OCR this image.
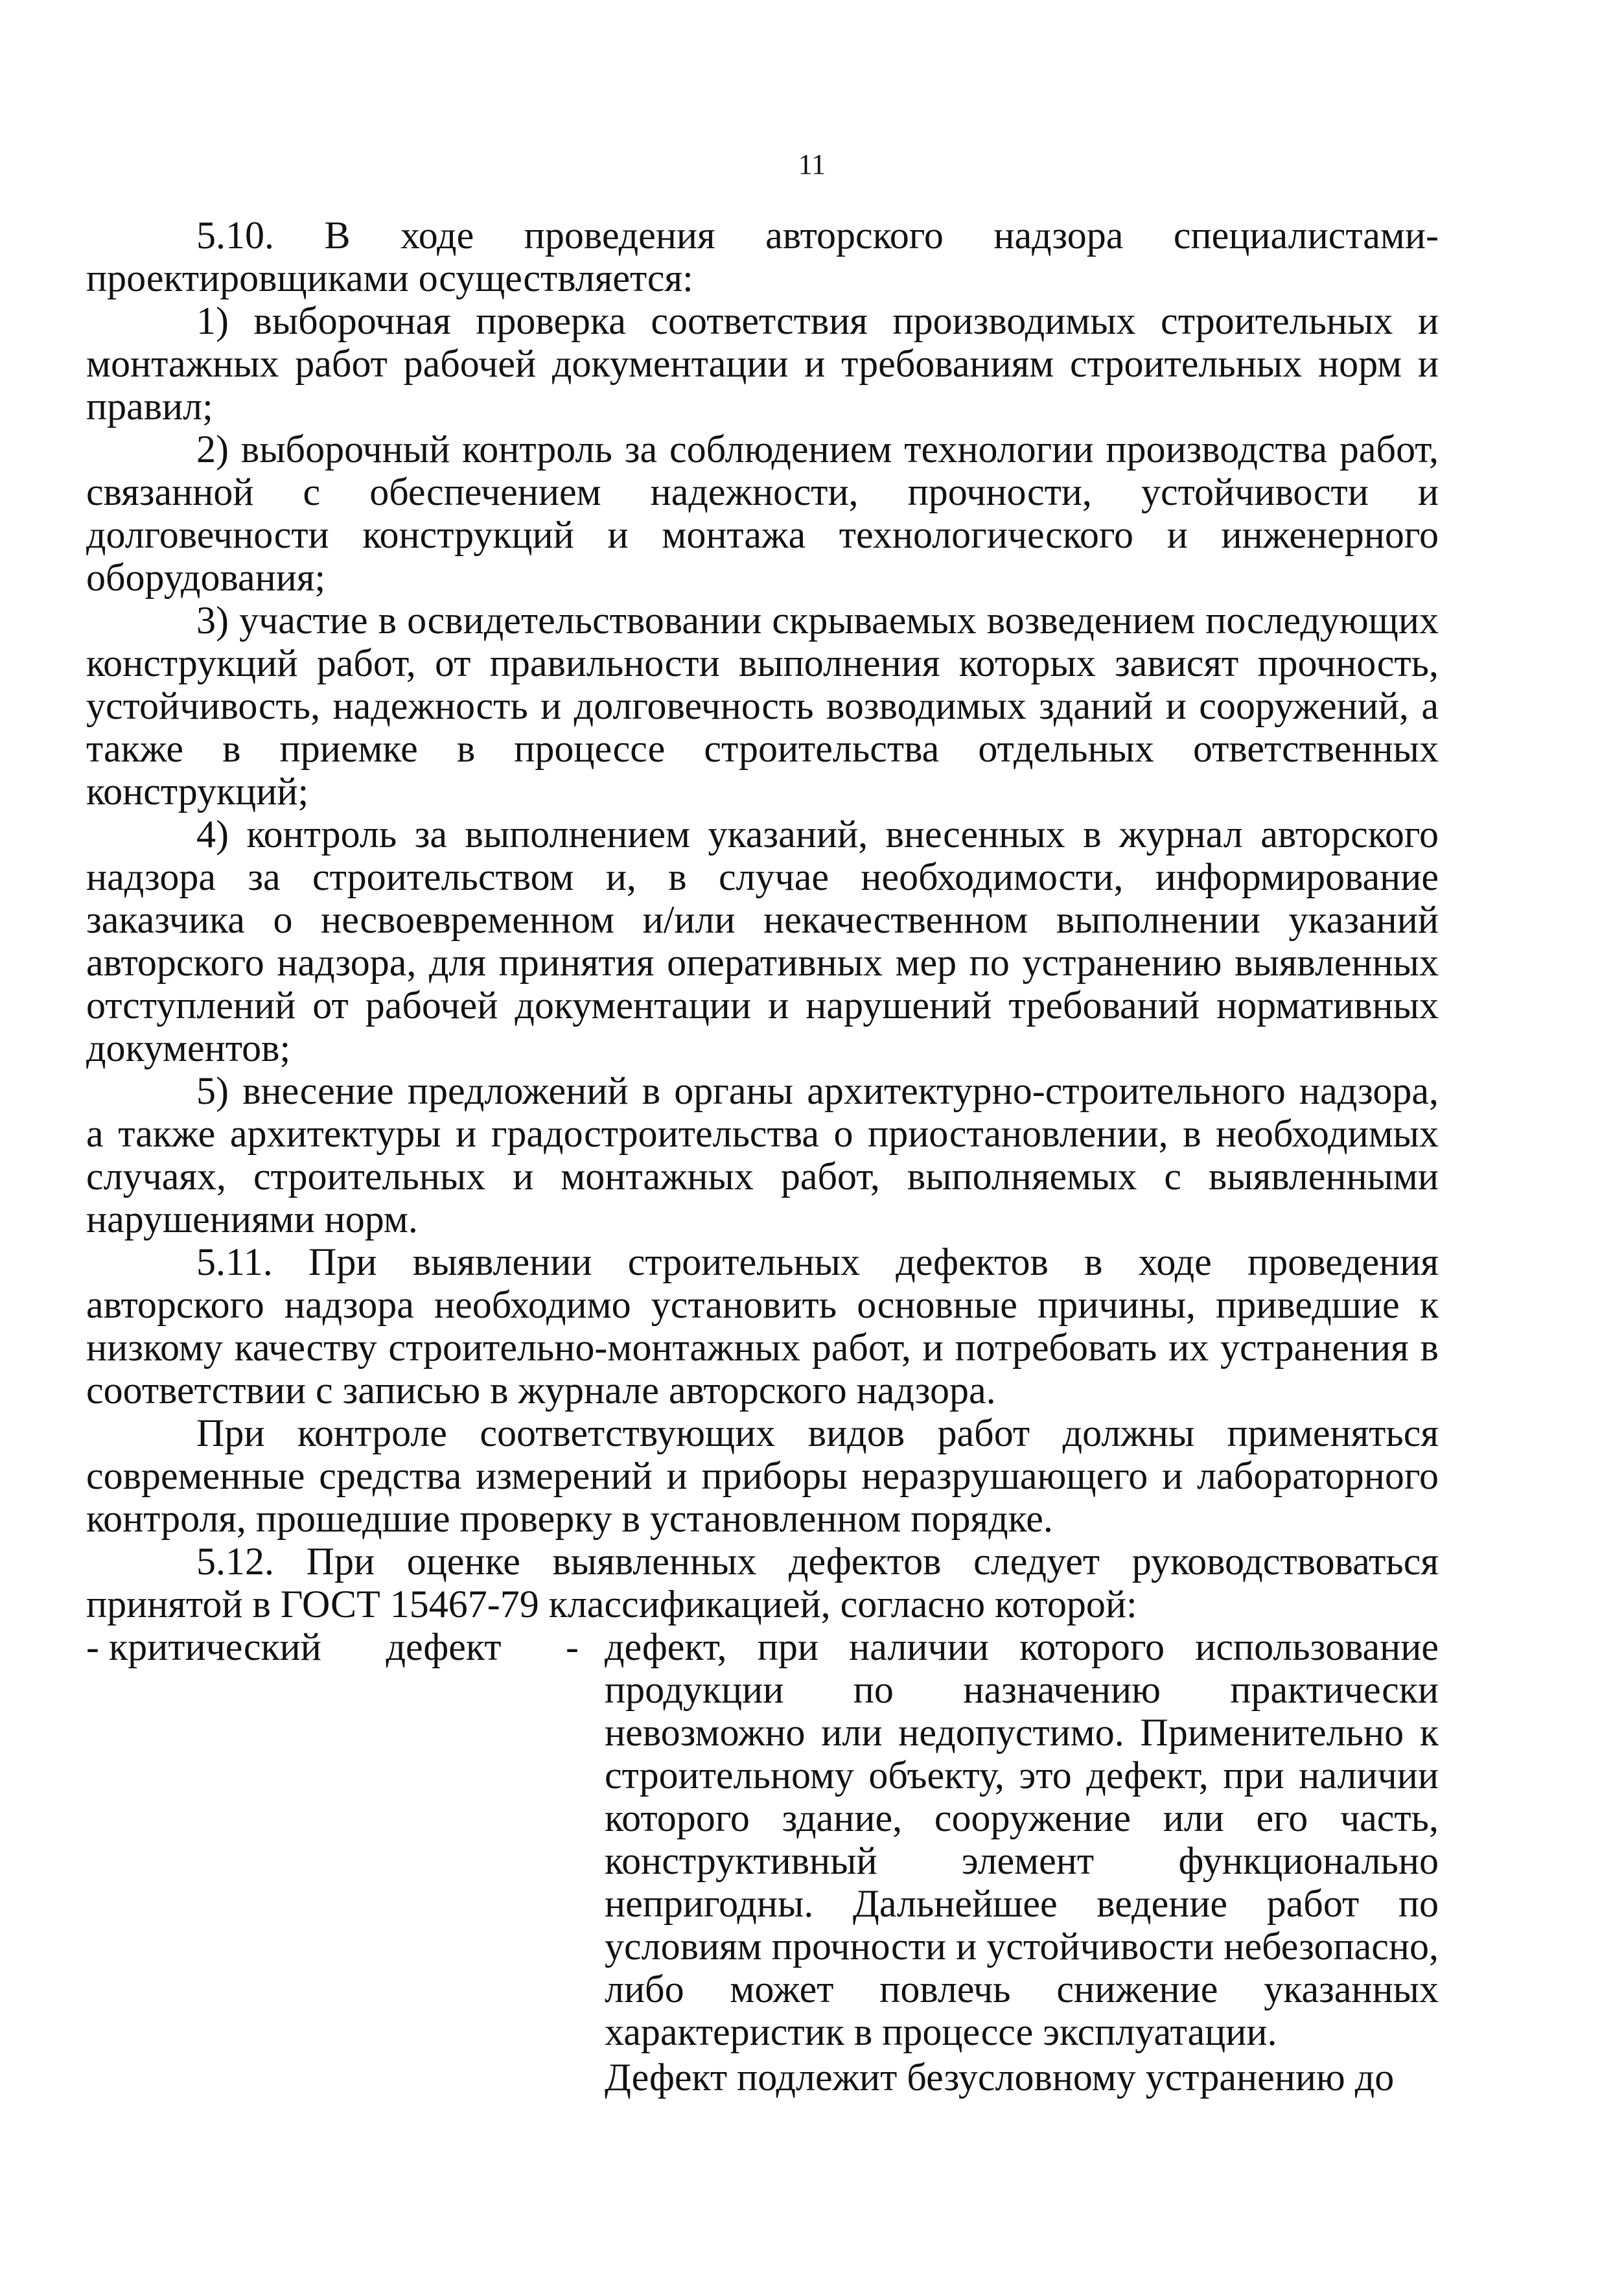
11

5.10. В ходе проведения авторского надзора специалистами-проектировщиками осуществляется:

1) выборочная проверка соответствия производимых строительных и монтажных работ рабочей документации и требованиям строительных норм и правил;

2) выборочный контроль за соблюдением технологии производства работ, связанной с обеспечением надежности, прочности, устойчивости и долговечности конструкций и монтажа технологического и инженерного оборудования;

3) участие в освидетельствовании скрываемых возведением последующих конструкций работ, от правильности выполнения которых зависят прочность, устойчивость, надежность и долговечность возводимых зданий и сооружений, а также в приемке в процессе строительства отдельных ответственных конструкций;

4) контроль за выполнением указаний, внесенных в журнал авторского надзора за строительством и, в случае необходимости, информирование заказчика о несвоевременном и/или некачественном выполнении указаний авторского надзора, для принятия оперативных мер по устранению выявленных отступлений от рабочей документации и нарушений требований нормативных документов;

5) внесение предложений в органы архитектурно-строительного надзора, а также архитектуры и градостроительства о приостановлении, в необходимых случаях, строительных и монтажных работ, выполняемых с выявленными нарушениями норм.

5.11. При выявлении строительных дефектов в ходе проведения авторского надзора необходимо установить основные причины, приведшие к низкому качеству строительно-монтажных работ, и потребовать их устранения в соответствии с записью в журнале авторского надзора.

При контроле соответствующих видов работ должны применяться современные средства измерений и приборы неразрушающего и лабораторного контроля, прошедшие проверку в установленном порядке.

5.12. При оценке выявленных дефектов следует руководствоваться принятой в ГОСТ 15467-79 классификацией, согласно которой:

- критический дефект - дефект, при наличии которого использование продукции по назначению практически невозможно или недопустимо. Применительно к строительному объекту, это дефект, при наличии которого здание, сооружение или его часть, конструктивный элемент функционально непригодны. Дальнейшее ведение работ по условиям прочности и устойчивости небезопасно, либо может повлечь снижение указанных характеристик в процессе эксплуатации.

Дефект подлежит безусловному устранению до
